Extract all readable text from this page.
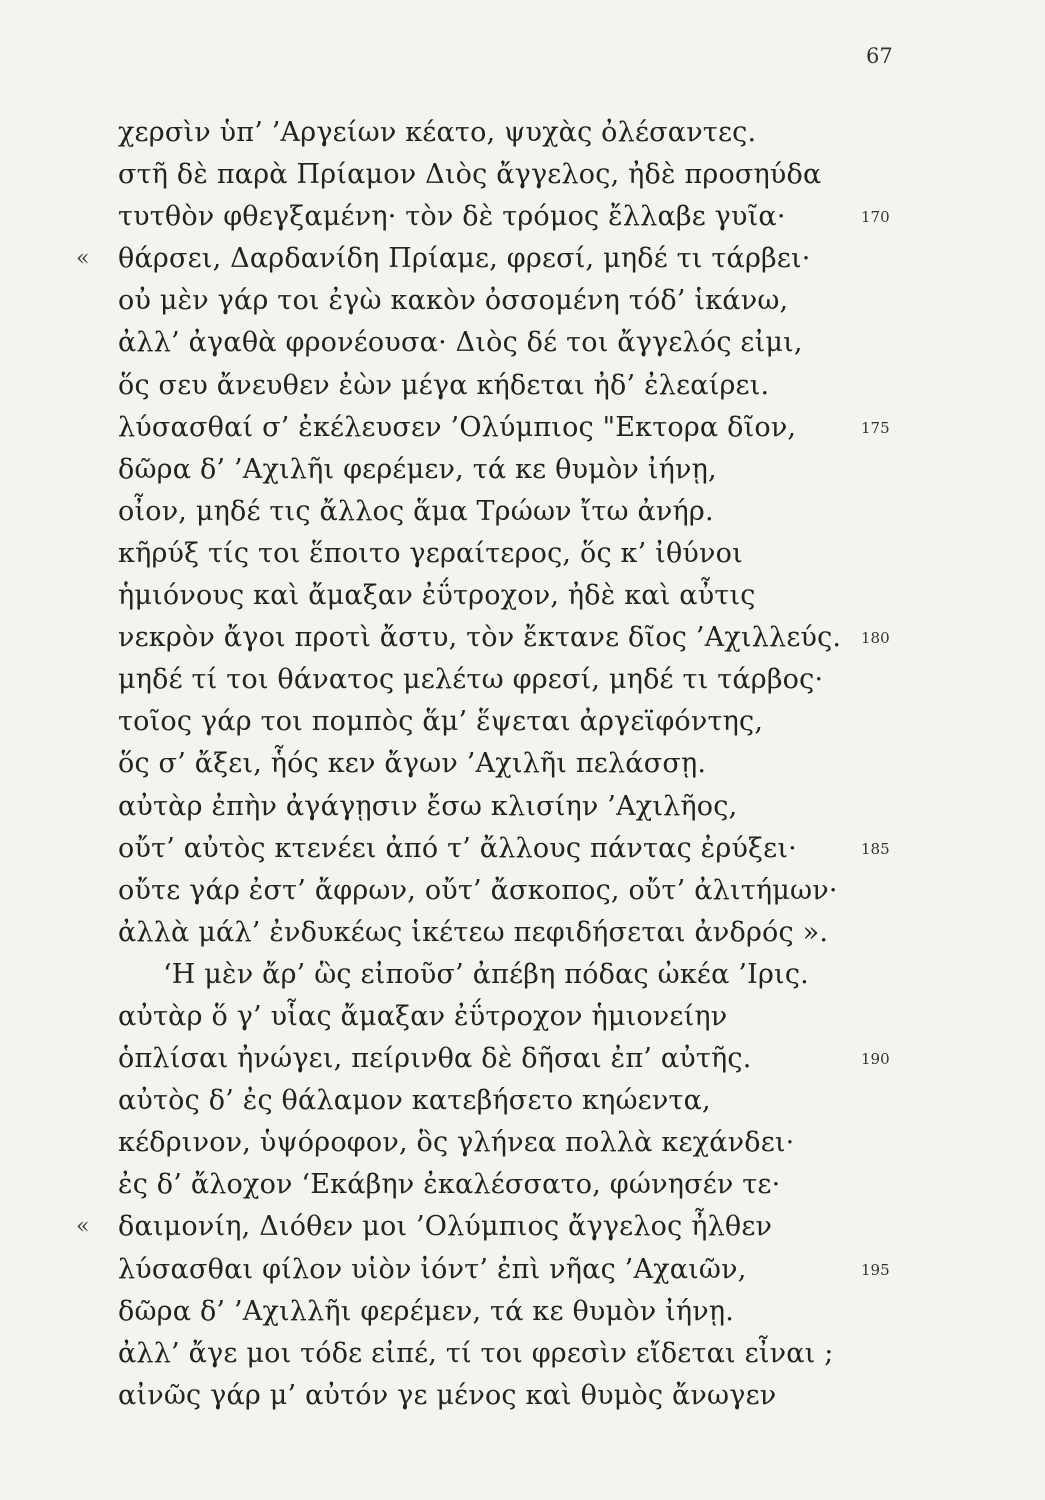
67
χερσὶν ὑπ’ ’Αργείων κέατο, ψυχὰς ὀλέσαντες.
στῆ δὲ παρὰ Πρίαμον Διὸς ἄγγελος, ἠδὲ προσηύδα
τυτθὸν φθεγξαμένη· τὸν δὲ τρόμος ἔλλαβε γυῖα·	170
« θάρσει, Δαρδανίδη Πρίαμε, φρεσί, μηδέ τι τάρβει·
οὐ μὲν γάρ τοι ἐγὼ κακὸν ὀσσομένη τόδ’ ἱκάνω,
ἀλλ’ ἀγαθὰ φρονέουσα· Διὸς δέ τοι ἄγγελός εἰμι,
ὅς σευ ἄνευθεν ἐὼν μέγα κήδεται ἠδ’ ἐλεαίρει.
λύσασθαί σ’ ἐκέλευσεν ’Ολύμπιος "Εκτορα δῖον,	175
δῶρα δ’ ’Αχιλῆι φερέμεν, τά κε θυμὸν ἰήνῃ,
οἶον, μηδέ τις ἄλλος ἅμα Τρώων ἴτω ἀνήρ.
κῆρύξ τίς τοι ἕποιτο γεραίτερος, ὅς κ’ ἰθύνοι
ἡμιόνους καὶ ἄμαξαν ἐΰτροχον, ἠδὲ καὶ αὖτις
νεκρὸν ἄγοι προτὶ ἄστυ, τὸν ἔκτανε δῖος ’Αχιλλεύς. 180
μηδέ τί τοι θάνατος μελέτω φρεσί, μηδέ τι τάρβος·
τοῖος γάρ τοι πομπὸς ἅμ’ ἕψεται ἀργεϊφόντης,
ὅς σ’ ἄξει, ἧός κεν ἄγων ’Αχιλῆι πελάσσῃ.
αὐτὰρ ἐπὴν ἀγάγῃσιν ἔσω κλισίην ’Αχιλῆος,
οὔτ’ αὐτὸς κτενέει ἀπό τ’ ἄλλους πάντας ἐρύξει·	185
οὔτε γάρ ἐστ’ ἄφρων, οὔτ’ ἄσκοπος, οὔτ’ ἀλιτήμων·
ἀλλὰ μάλ’ ἐνδυκέως ἱκέτεω πεφιδήσεται ἀνδρός ».
‘Η μὲν ἄρ’ ὣς εἰποῦσ’ ἀπέβη πόδας ὠκέα ’Ιρις.
αὐτὰρ ὅ γ’ υἷας ἄμαξαν ἐΰτροχον ἡμιονείην
ὁπλίσαι ἠνώγει, πείρινθα δὲ δῆσαι ἐπ’ αὐτῆς.	190
αὐτὸς δ’ ἐς θάλαμον κατεβήσετο κηώεντα,
κέδρινον, ὑψόροφον, ὃς γλήνεα πολλὰ κεχάνδει·
ἐς δ’ ἄλοχον ‘Εκάβην ἐκαλέσσατο, φώνησέν τε·
« δαιμονίη, Διόθεν μοι ’Ολύμπιος ἄγγελος ἦλθεν
λύσασθαι φίλον υἱὸν ἰόντ’ ἐπὶ νῆας ’Αχαιῶν,	195
δῶρα δ’ ’Αχιλλῆι φερέμεν, τά κε θυμὸν ἰήνῃ.
ἀλλ’ ἄγε μοι τόδε εἰπέ, τί τοι φρεσὶν εἴδεται εἶναι ;
αἰνῶς γάρ μ’ αὐτόν γε μένος καὶ θυμὸς ἄνωγεν
